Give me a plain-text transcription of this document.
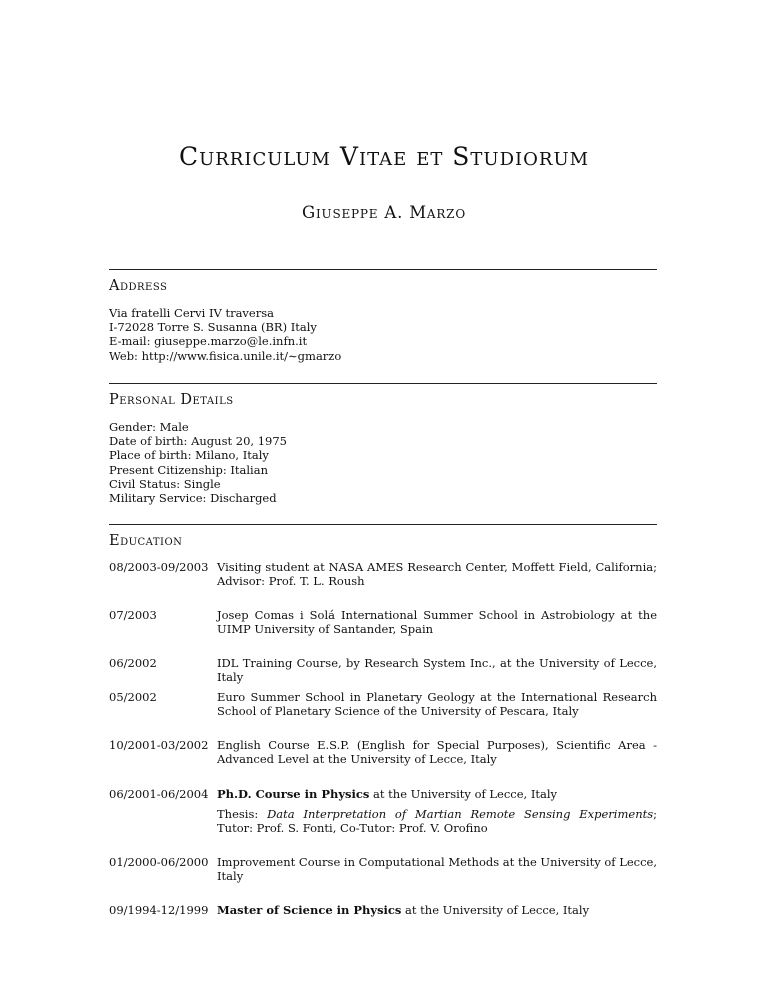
Curriculum Vitae et Studiorum
Giuseppe A. Marzo
Address
Via fratelli Cervi IV traversa
I-72028 Torre S. Susanna (BR) Italy
E-mail: giuseppe.marzo@le.infn.it
Web: http://www.fisica.unile.it/∼gmarzo
Personal Details
Gender: Male
Date of birth: August 20, 1975
Place of birth: Milano, Italy
Present Citizenship: Italian
Civil Status: Single
Military Service: Discharged
Education
08/2003-09/2003 Visiting student at NASA AMES Research Center, Moffett Field, California; Advisor: Prof. T. L. Roush

07/2003	Josep Comas i Solá International Summer School in Astrobiology at the UIMP University of Santander, Spain

06/2002	IDL Training Course, by Research System Inc., at the University of Lecce, Italy

05/2002	Euro Summer School in Planetary Geology at the International Research School of Planetary Science of the University of Pescara, Italy

10/2001-03/2002 English Course E.S.P. (English for Special Purposes), Scientific Area - Advanced Level at the University of Lecce, Italy

06/2001-06/2004 Ph.D. Course in Physics at the University of Lecce, Italy

Thesis: Data Interpretation of Martian Remote Sensing Experiments; Tutor: Prof. S. Fonti, Co-Tutor: Prof. V. Orofino

01/2000-06/2000 Improvement Course in Computational Methods at the University of Lecce, Italy

09/1994-12/1999 Master of Science in Physics at the University of Lecce, Italy
